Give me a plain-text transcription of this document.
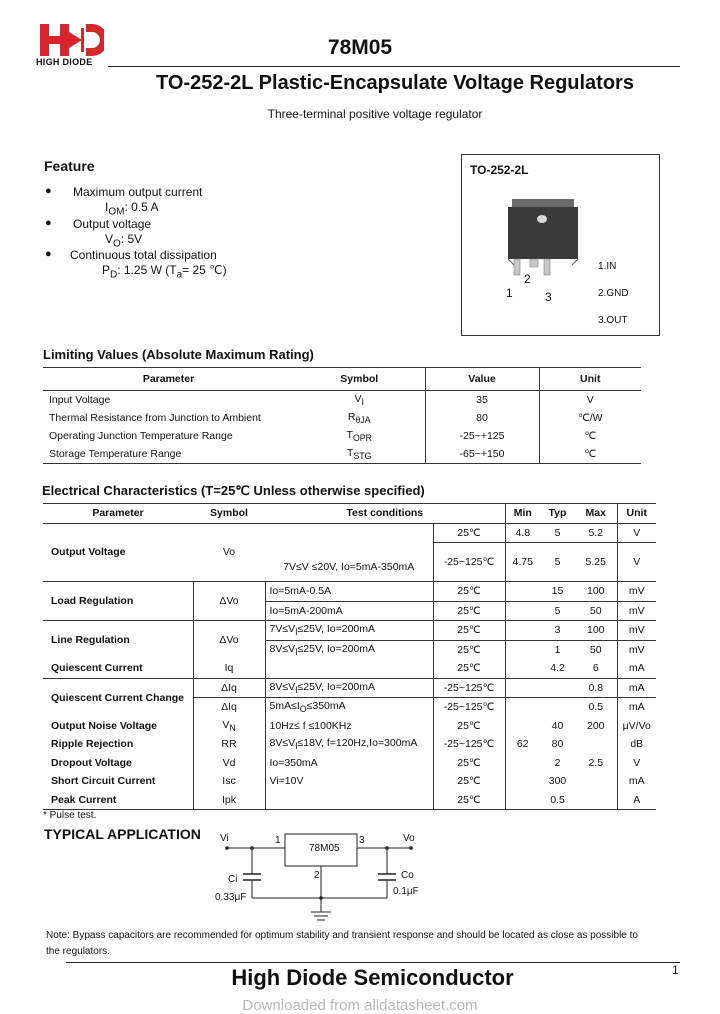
HIGH DIODE
78M05
TO-252-2L Plastic-Encapsulate Voltage Regulators
Three-terminal positive voltage regulator
Feature
● Maximum output current
$I_{OM}$: 0.5 A
● Output voltage
$V_O$: 5V
● Continuous total dissipation
$P_D$: 1.25 W ($T_a= 25$ ℃)
TO-252-2L
1
2
3
1.IN
2.GND
3.OUT
Limiting Values (Absolute Maximum Rating)
Parameter	Symbol	Value	Unit
Input Voltage	$V_I$	35	V
Thermal Resistance from Junction to Ambient	$R_{\theta JA}$	80	℃/W
Operating Junction Temperature Range	$T_{OPR}$	-25~+125	℃
Storage Temperature Range	$T_{STG}$	-65~+150	℃
Electrical Characteristics (T=25℃ Unless otherwise specified)
Parameter	Symbol	Test conditions		Min	Typ	Max	Unit
Output Voltage	Vo	7V≤V ≤20V, Io=5mA-350mA	25℃	4.8	5	5.2	V
			-25~125℃	4.75	5	5.25	V
Load Regulation	ΔVo	Io=5mA-0.5A	25℃		15	100	mV
		Io=5mA-200mA	25℃		5	50	mV
Line Regulation	ΔVo	$7V\le V_I\le 25V$, Io=200mA	25℃		3	100	mV
		$8V\le V_I\le 25V$, Io=200mA	25℃		1	50	mV
Quiescent Current	Iq		25℃		4.2	6	mA
Quiescent Current Change	ΔIq	$8V\le V_I\le 25V$, Io=200mA	-25~125℃			0.8	mA
	ΔIq	$5mA\le I_O\le 350mA$	-25~125℃			0.5	mA
Output Noise Voltage	$V_N$	10Hz≤ f ≤100KHz	25℃		40	200	μV/Vo
Ripple Rejection	RR	$8V\le V_I\le 18V$, f=120Hz,Io=300mA	-25~125℃	62	80		dB
Dropout Voltage	Vd	Io=350mA	25℃		2	2.5	V
Short Circuit Current	Isc	Vi=10V	25℃		300		mA
Peak Current	Ipk		25℃		0.5		A
* Pulse test.
TYPICAL APPLICATION Vi	Vo
1	3
2
78M05
Ci
0.33μF
Co
0.1μF
Note: Bypass capacitors are recommended for optimum stability and transient response and should be located as close as possible to the regulators.
High Diode Semiconductor	1
Downloaded from alldatasheet.com
